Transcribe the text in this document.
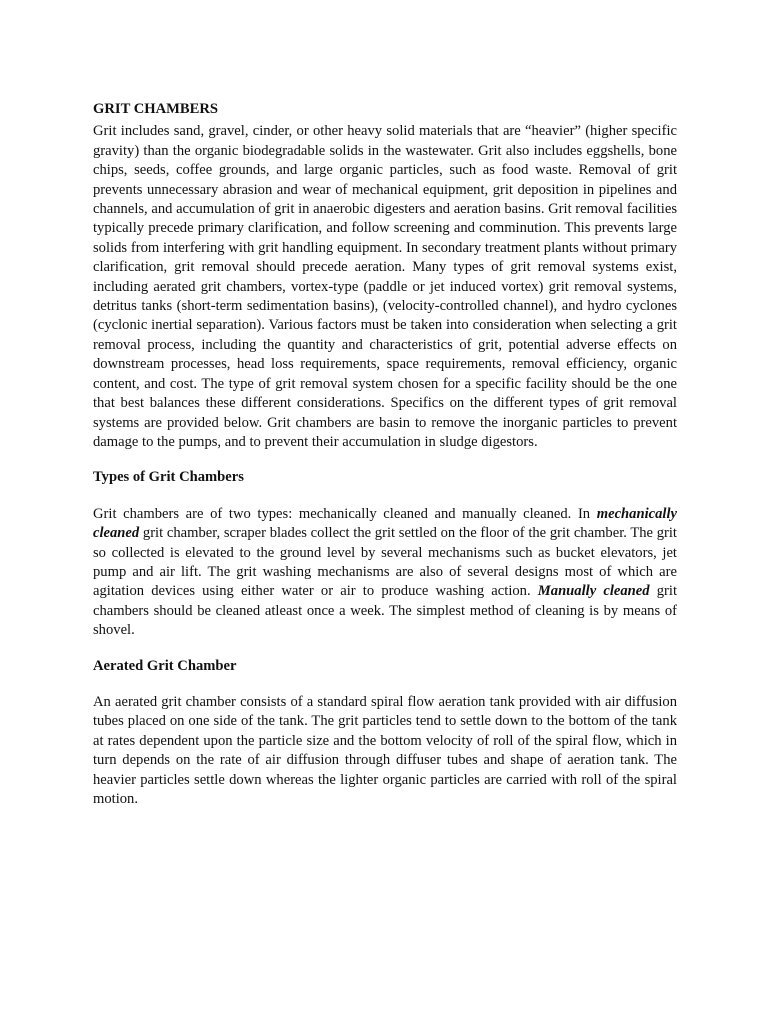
GRIT CHAMBERS

Grit includes sand, gravel, cinder, or other heavy solid materials that are “heavier” (higher specific gravity) than the organic biodegradable solids in the wastewater. Grit also includes eggshells, bone chips, seeds, coffee grounds, and large organic particles, such as food waste. Removal of grit prevents unnecessary abrasion and wear of mechanical equipment, grit deposition in pipelines and channels, and accumulation of grit in anaerobic digesters and aeration basins. Grit removal facilities typically precede primary clarification, and follow screening and comminution. This prevents large solids from interfering with grit handling equipment. In secondary treatment plants without primary clarification, grit removal should precede aeration. Many types of grit removal systems exist, including aerated grit chambers, vortex-type (paddle or jet induced vortex) grit removal systems, detritus tanks (short-term sedimentation basins), (velocity-controlled channel), and hydro cyclones (cyclonic inertial separation). Various factors must be taken into consideration when selecting a grit removal process, including the quantity and characteristics of grit, potential adverse effects on downstream processes, head loss requirements, space requirements, removal efficiency, organic content, and cost. The type of grit removal system chosen for a specific facility should be the one that best balances these different considerations. Specifics on the different types of grit removal systems are provided below. Grit chambers are basin to remove the inorganic particles to prevent damage to the pumps, and to prevent their accumulation in sludge digestors.

Types of Grit Chambers

Grit chambers are of two types: mechanically cleaned and manually cleaned. In mechanically cleaned grit chamber, scraper blades collect the grit settled on the floor of the grit chamber. The grit so collected is elevated to the ground level by several mechanisms such as bucket elevators, jet pump and air lift. The grit washing mechanisms are also of several designs most of which are agitation devices using either water or air to produce washing action. Manually cleaned grit chambers should be cleaned atleast once a week. The simplest method of cleaning is by means of shovel.

Aerated Grit Chamber

An aerated grit chamber consists of a standard spiral flow aeration tank provided with air diffusion tubes placed on one side of the tank. The grit particles tend to settle down to the bottom of the tank at rates dependent upon the particle size and the bottom velocity of roll of the spiral flow, which in turn depends on the rate of air diffusion through diffuser tubes and shape of aeration tank. The heavier particles settle down whereas the lighter organic particles are carried with roll of the spiral motion.
